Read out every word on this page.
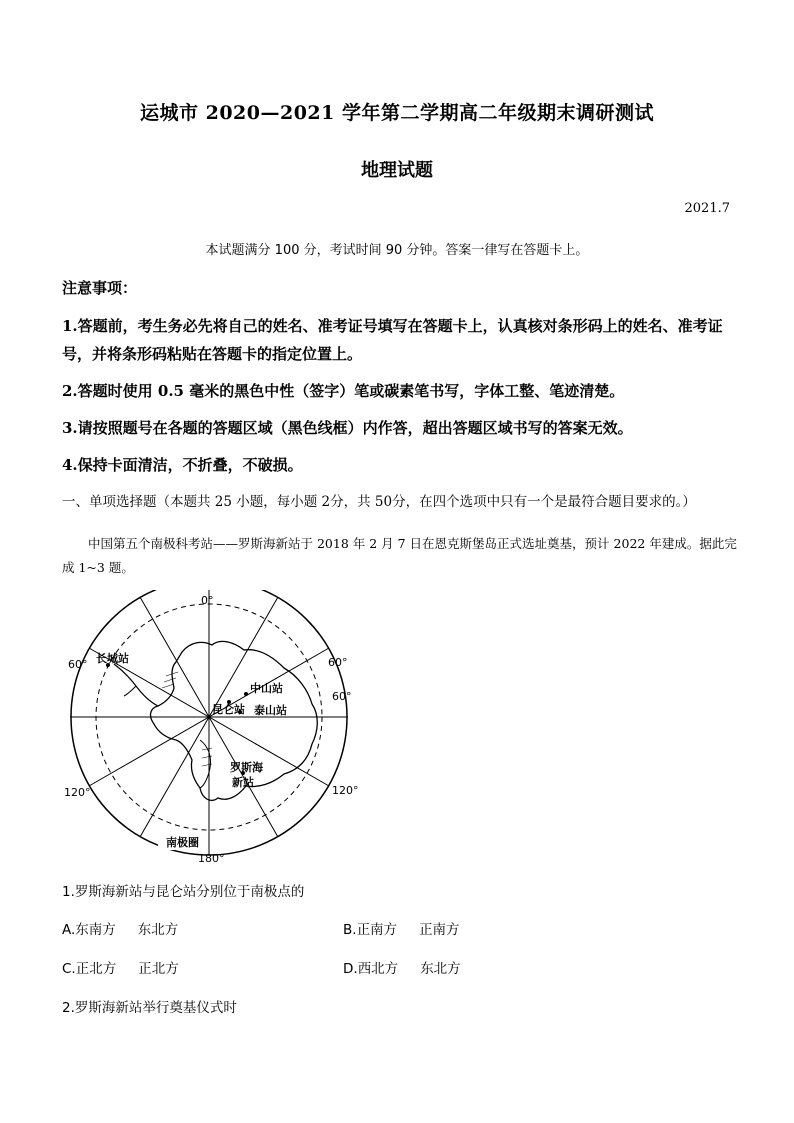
运城市 2020—2021 学年第二学期高二年级期末调研测试
地理试题
2021.7
本试题满分 100 分，考试时间 90 分钟。答案一律写在答题卡上。
注意事项：
1.答题前，考生务必先将自己的姓名、准考证号填写在答题卡上，认真核对条形码上的姓名、准考证号，并将条形码粘贴在答题卡的指定位置上。
2.答题时使用 0.5 毫米的黑色中性（签字）笔或碳素笔书写，字体工整、笔迹清楚。
3.请按照题号在各题的答题区域（黑色线框）内作答，超出答题区域书写的答案无效。
4.保持卡面清洁，不折叠，不破损。
一、单项选择题（本题共 25 小题，每小题 2分，共 50分，在四个选项中只有一个是最符合题目要求的。）
中国第五个南极科考站——罗斯海新站于 2018 年 2 月 7 日在恩克斯堡岛正式选址奠基，预计 2022 年建成。据此完成 1~3 题。
0°
60°	60°
60°
120°	120°
180°
长城站
昆仑站
中山站
泰山站
罗斯海
新站
南极圈
1.罗斯海新站与昆仑站分别位于南极点的
A.东南方 东北方	B.正南方 正南方
C.正北方 正北方	D.西北方 东北方
2.罗斯海新站举行奠基仪式时
